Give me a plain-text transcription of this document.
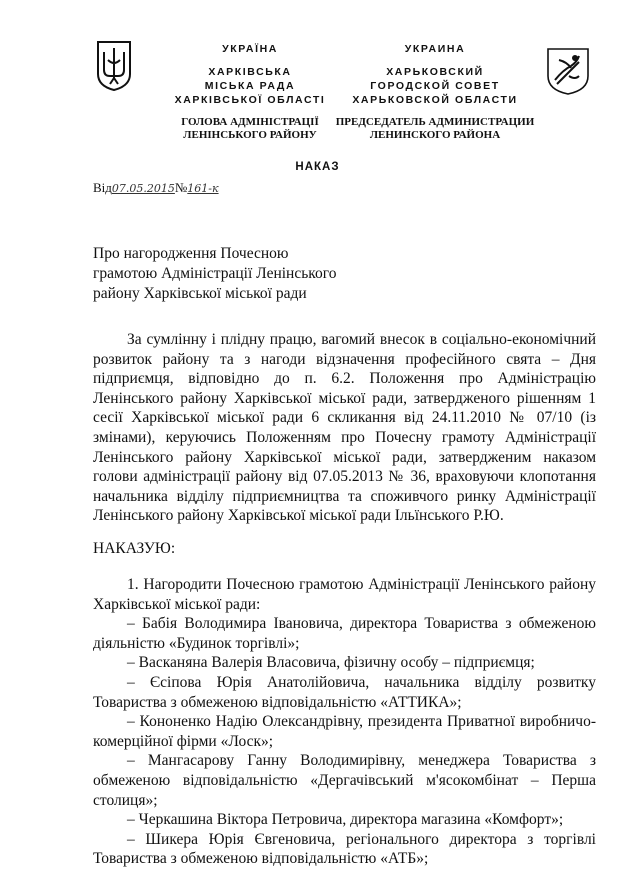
УКРАЇНА
ХАРКІВСЬКА
МІСЬКА РАДА
ХАРКІВСЬКОЇ ОБЛАСТІ
ГОЛОВА АДМІНІСТРАЦІЇ
ЛЕНІНСЬКОГО РАЙОНУ
УКРАИНА
ХАРЬКОВСКИЙ
ГОРОДСКОЙ СОВЕТ
ХАРЬКОВСКОЙ ОБЛАСТИ
ПРЕДСЕДАТЕЛЬ АДМИНИСТРАЦИИ
ЛЕНИНСКОГО РАЙОНА
НАКАЗ
Від07.05.2015№161-к
Про нагородження Почесною
грамотою Адміністрації Ленінського
району Харківської міської ради
За сумлінну і плідну працю, вагомий внесок в соціально-економічний розвиток району та з нагоди відзначення професійного свята – Дня підприємця, відповідно до п. 6.2. Положення про Адміністрацію Ленінського району Харківської міської ради, затвердженого рішенням 1 сесії Харківської міської ради 6 скликання від 24.11.2010 № 07/10 (із змінами), керуючись Положенням про Почесну грамоту Адміністрації Ленінського району Харківської міської ради, затвердженим наказом голови адміністрації району від 07.05.2013 № 36, враховуючи клопотання начальника відділу підприємництва та споживчого ринку Адміністрації Ленінського району Харківської міської ради Ільїнського Р.Ю.
НАКАЗУЮ:

1. Нагородити Почесною грамотою Адміністрації Ленінського району Харківської міської ради:

– Бабія Володимира Івановича, директора Товариства з обмеженою діяльністю «Будинок торгівлі»;

– Васканяна Валерія Власовича, фізичну особу – підприємця;

– Єсіпова Юрія Анатолійовича, начальника відділу розвитку Товариства з обмеженою відповідальністю «АТТИКА»;

– Кононенко Надію Олександрівну, президента Приватної виробничо-комерційної фірми «Лоск»;

– Мангасарову Ганну Володимирівну, менеджера Товариства з обмеженою відповідальністю «Дергачівський м'ясокомбінат – Перша столиця»;

– Черкашина Віктора Петровича, директора магазина «Комфорт»;

– Шикера Юрія Євгеновича, регіонального директора з торгівлі Товариства з обмеженою відповідальністю «АТБ»;
